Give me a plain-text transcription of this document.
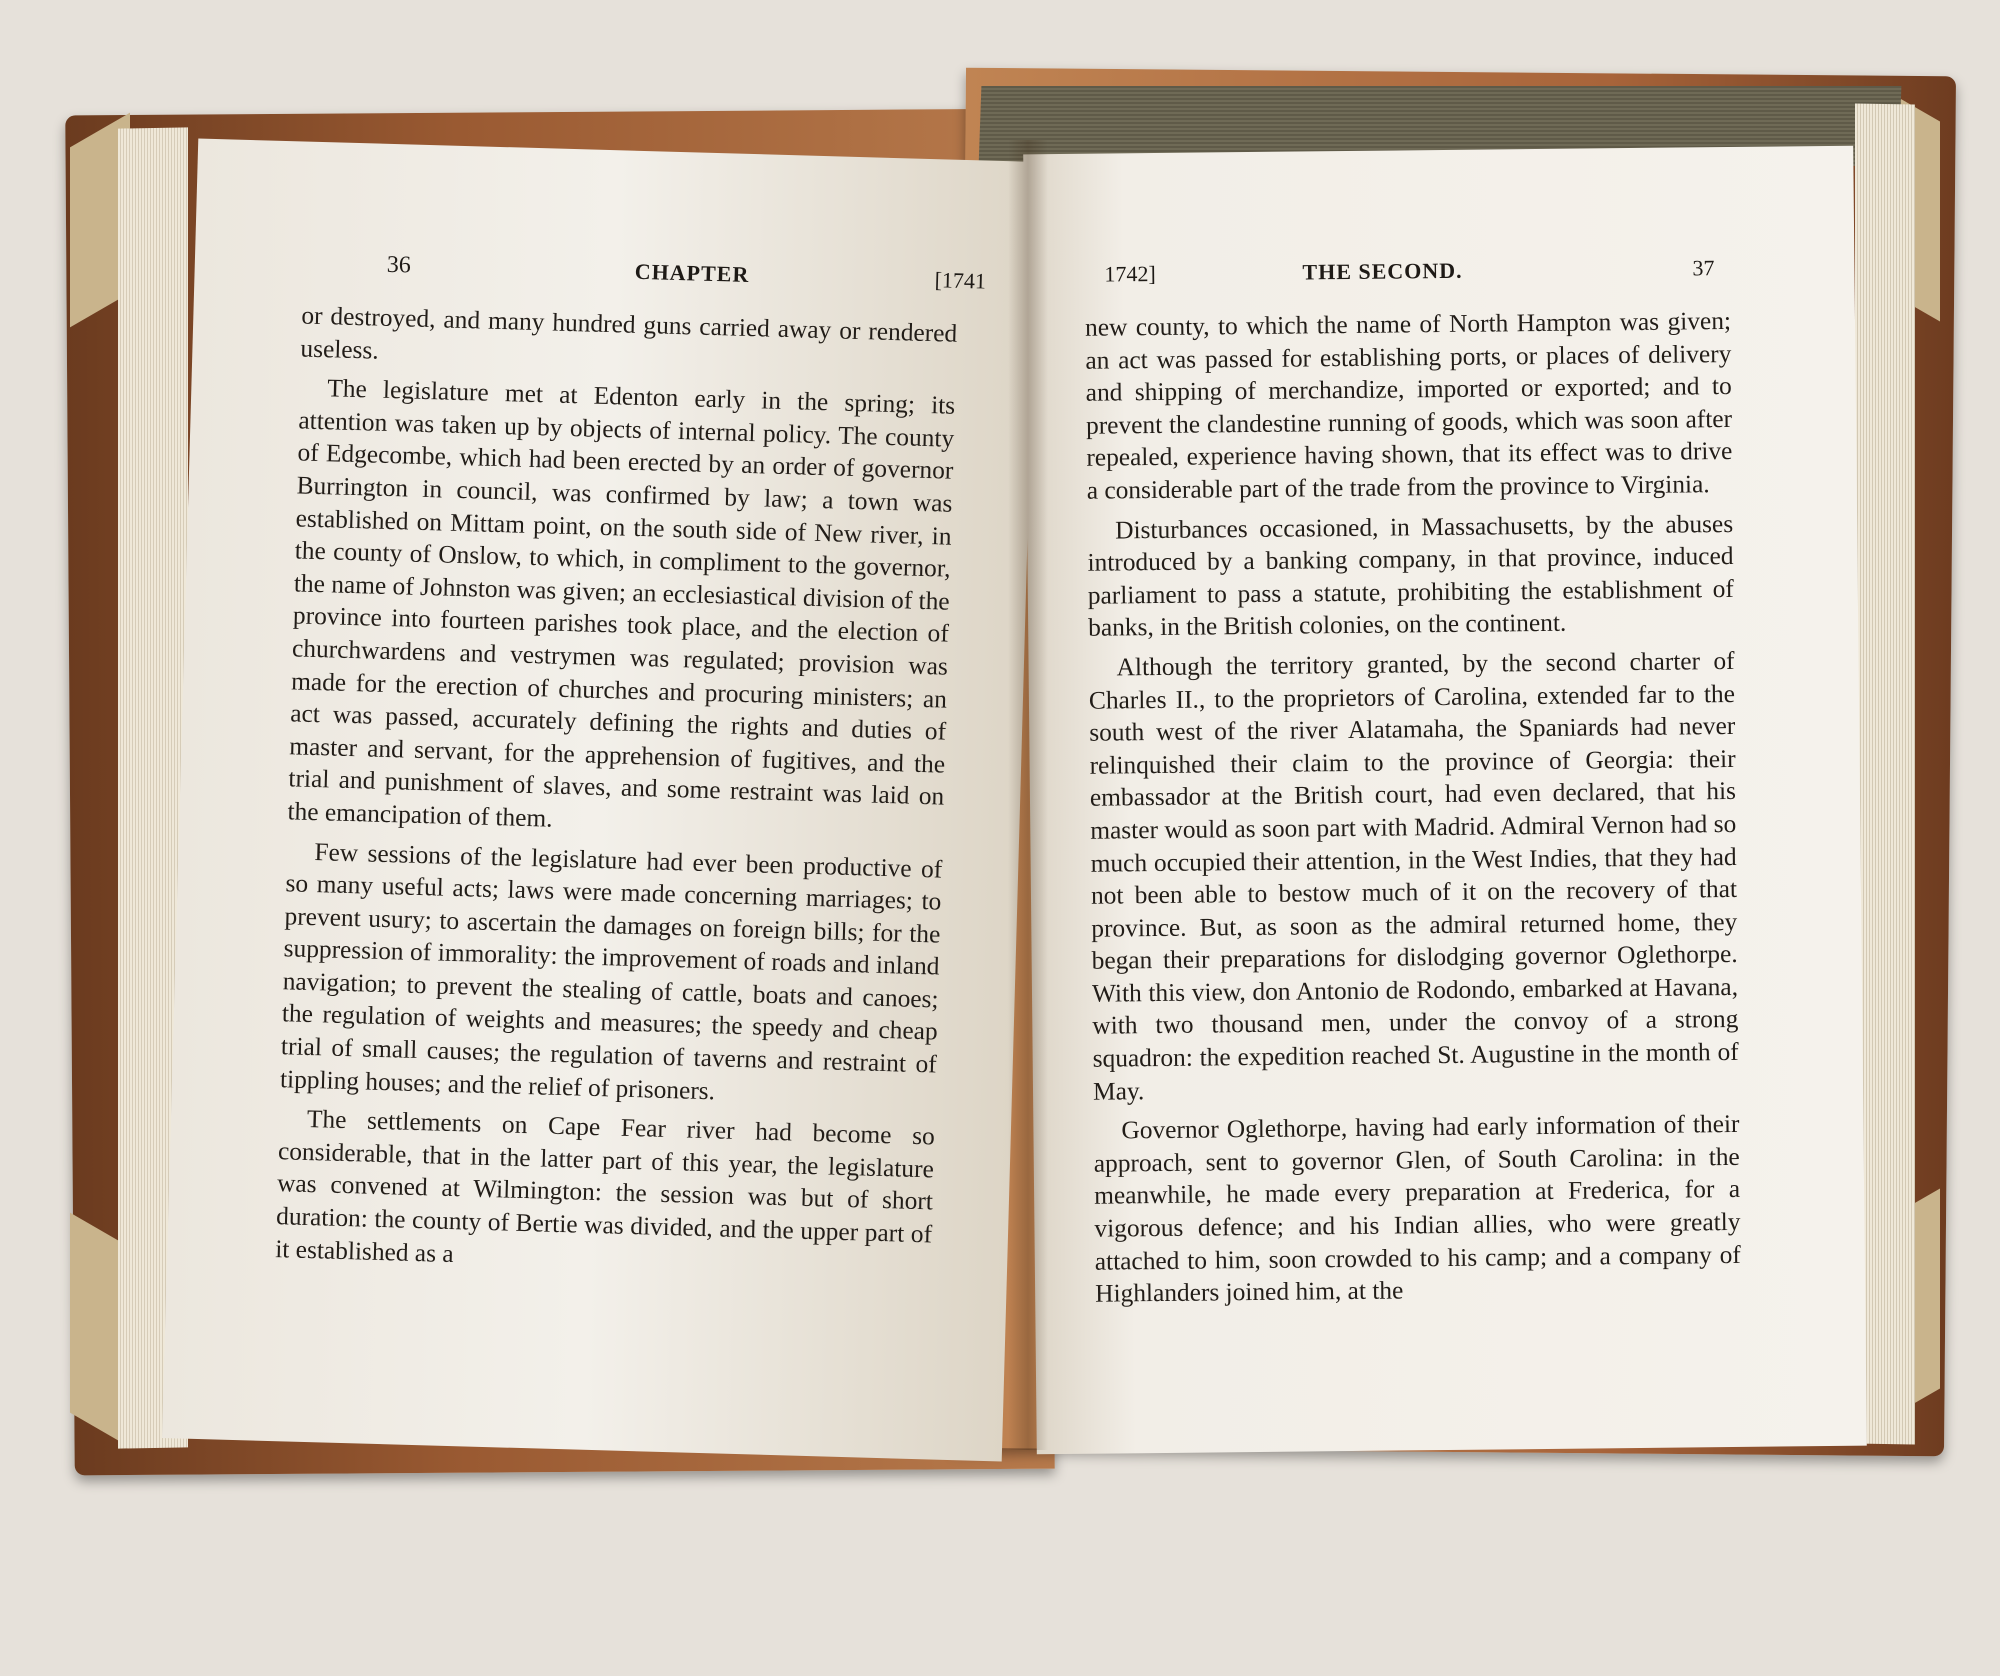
36	CHAPTER	[1741

or destroyed, and many hundred guns carried away or rendered useless.

The legislature met at Edenton early in the spring; its attention was taken up by objects of internal policy. The county of Edgecombe, which had been erected by an order of governor Burrington in council, was confirmed by law; a town was established on Mittam point, on the south side of New river, in the county of Onslow, to which, in compliment to the governor, the name of Johnston was given; an ecclesiastical division of the province into fourteen parishes took place, and the election of churchwardens and vestrymen was regulated; provision was made for the erection of churches and procuring ministers; an act was passed, accurately defining the rights and duties of master and servant, for the apprehension of fugitives, and the trial and punishment of slaves, and some restraint was laid on the emancipation of them.

Few sessions of the legislature had ever been productive of so many useful acts; laws were made concerning marriages; to prevent usury; to ascertain the damages on foreign bills; for the suppression of immorality: the improvement of roads and inland navigation; to prevent the stealing of cattle, boats and canoes; the regulation of weights and measures; the speedy and cheap trial of small causes; the regulation of taverns and restraint of tippling houses; and the relief of prisoners.

The settlements on Cape Fear river had become so considerable, that in the latter part of this year, the legislature was convened at Wilmington: the session was but of short duration: the county of Bertie was divided, and the upper part of it established as a

1742]	THE SECOND.	37

new county, to which the name of North Hampton was given; an act was passed for establishing ports, or places of delivery and shipping of merchandize, imported or exported; and to prevent the clandestine running of goods, which was soon after repealed, experience having shown, that its effect was to drive a considerable part of the trade from the province to Virginia.

Disturbances occasioned, in Massachusetts, by the abuses introduced by a banking company, in that province, induced parliament to pass a statute, prohibiting the establishment of banks, in the British colonies, on the continent.

Although the territory granted, by the second charter of Charles II., to the proprietors of Carolina, extended far to the south west of the river Alatamaha, the Spaniards had never relinquished their claim to the province of Georgia: their embassador at the British court, had even declared, that his master would as soon part with Madrid. Admiral Vernon had so much occupied their attention, in the West Indies, that they had not been able to bestow much of it on the recovery of that province. But, as soon as the admiral returned home, they began their preparations for dislodging governor Oglethorpe. With this view, don Antonio de Rodondo, embarked at Havana, with two thousand men, under the convoy of a strong squadron: the expedition reached St. Augustine in the month of May.

Governor Oglethorpe, having had early information of their approach, sent to governor Glen, of South Carolina: in the meanwhile, he made every preparation at Frederica, for a vigorous defence; and his Indian allies, who were greatly attached to him, soon crowded to his camp; and a company of Highlanders joined him, at the
